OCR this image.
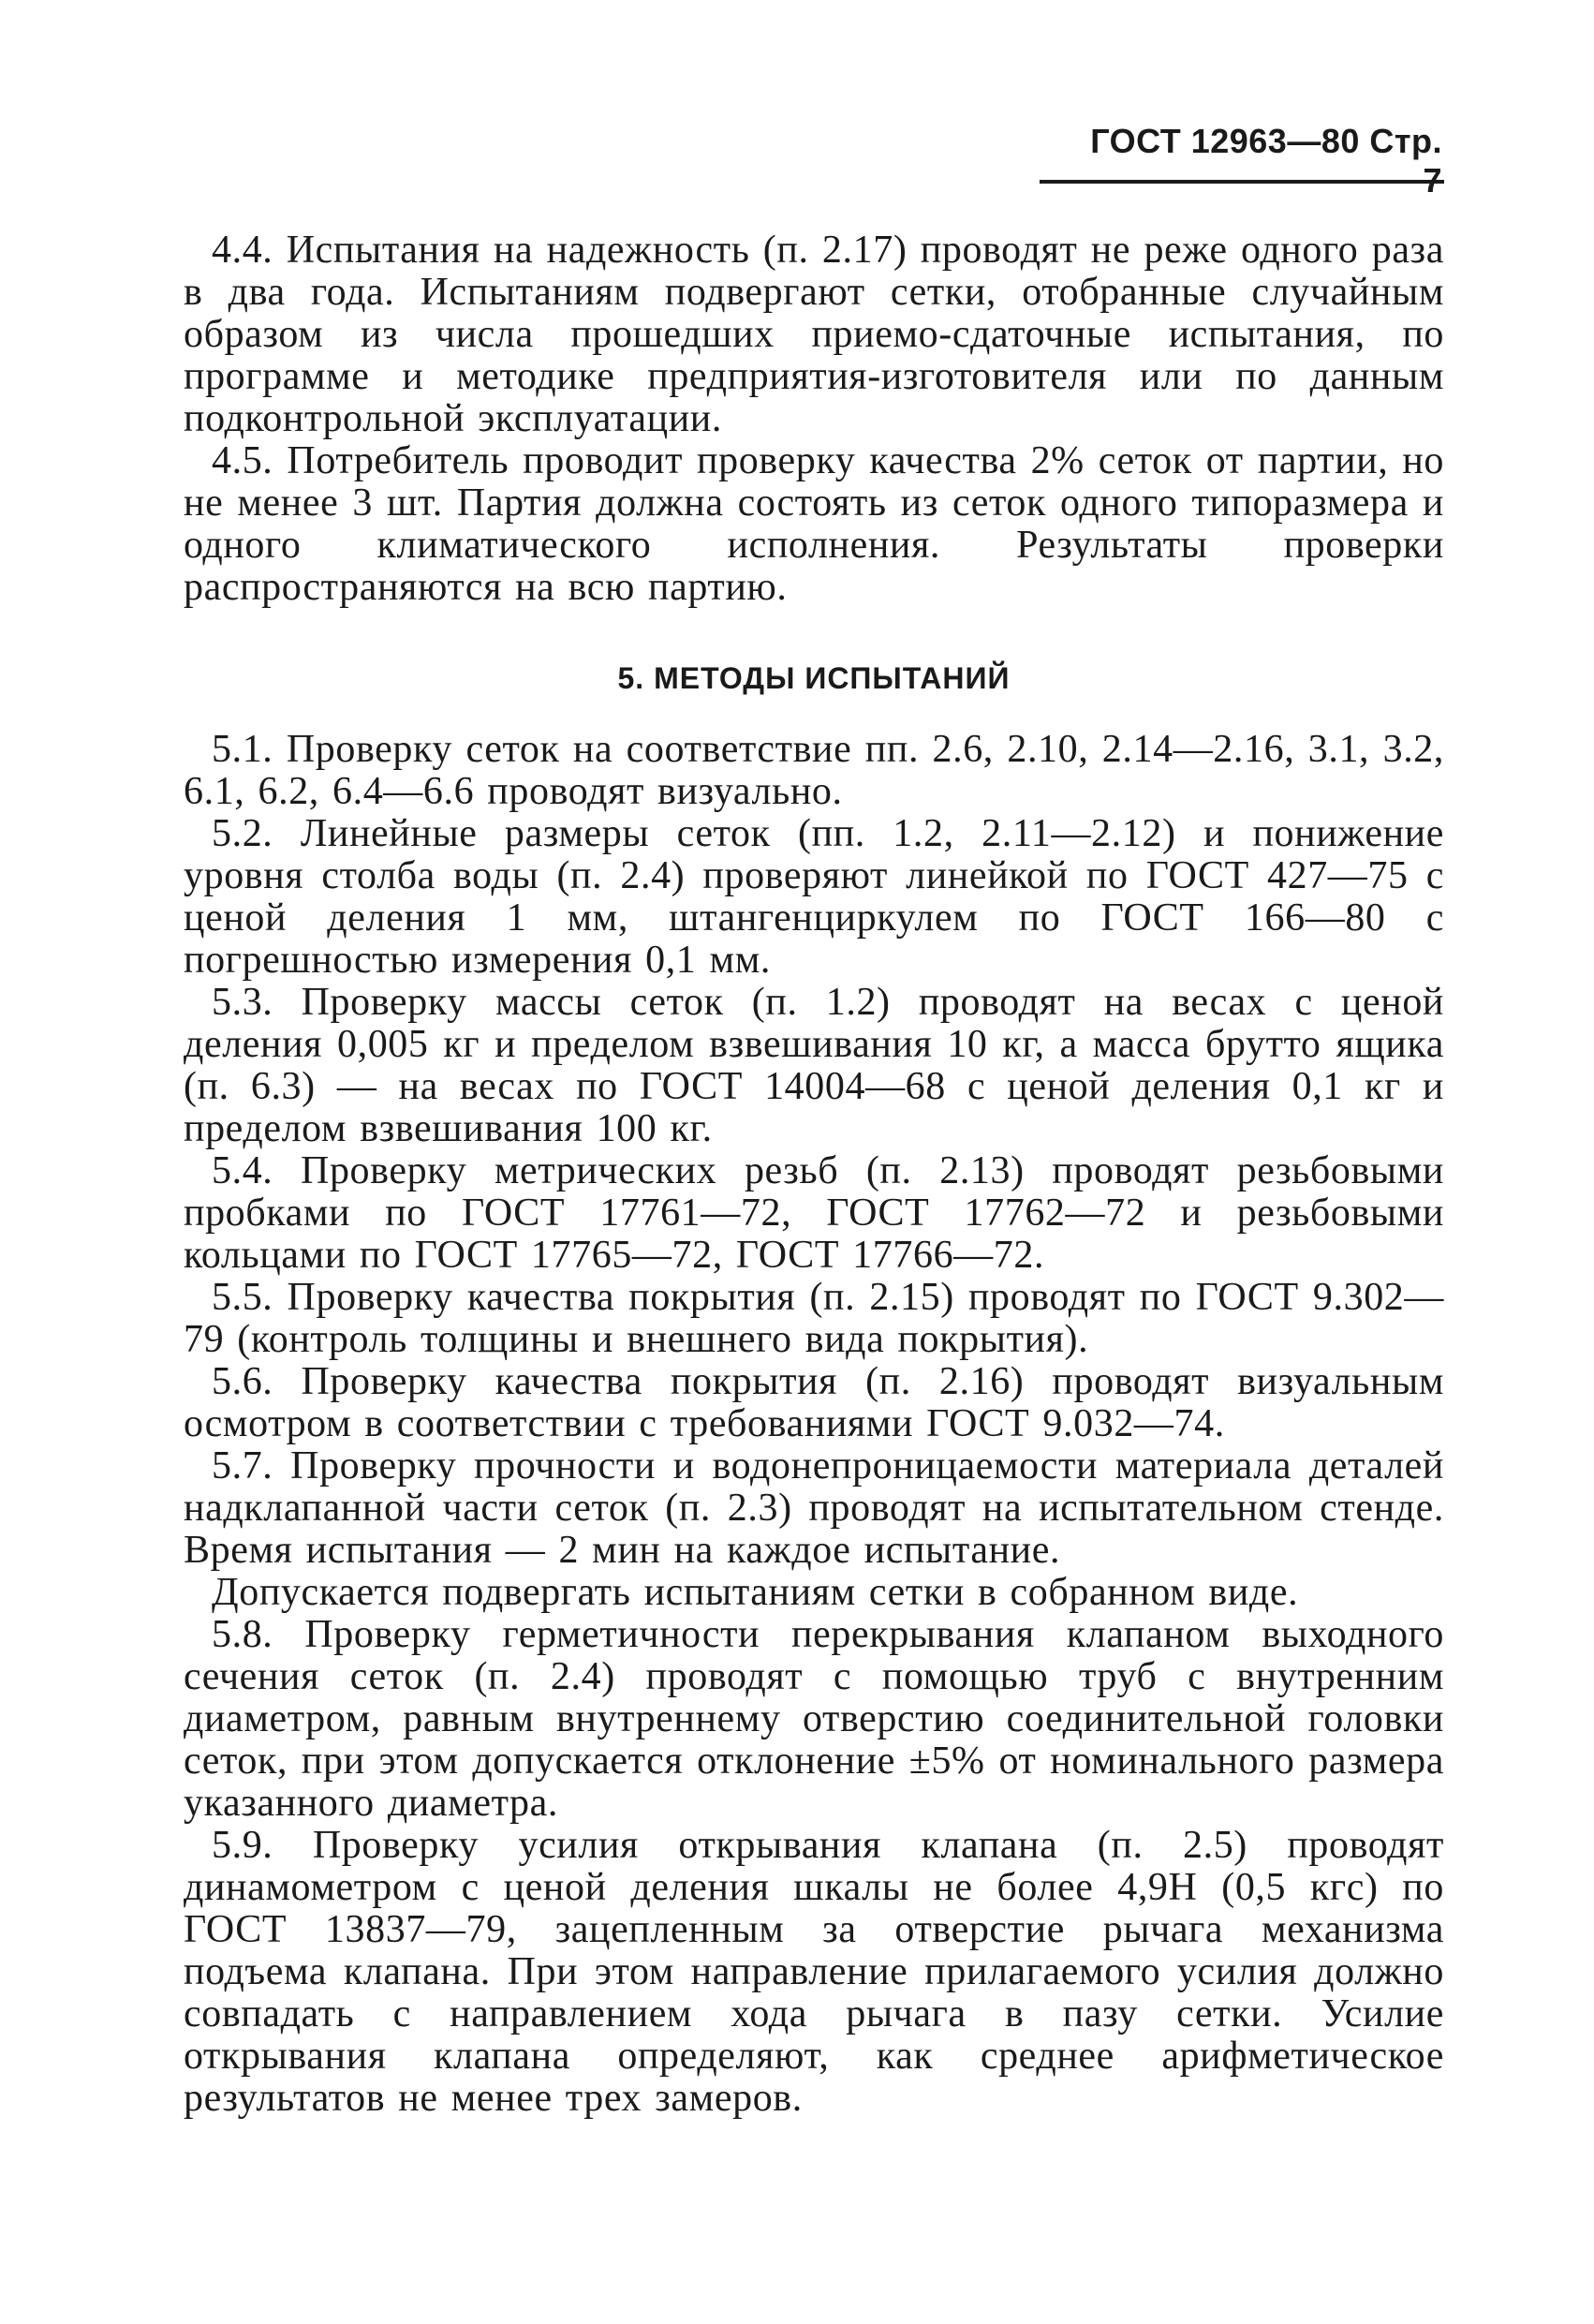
ГОСТ 12963—80 Стр.

4.4. Испытания на надежность (п. 2.17) проводят не реже одного раза в два года. Испытаниям подвергают сетки, отобранные случайным образом из числа прошедших приемо-сдаточные испытания, по программе и методике предприятия-изготовителя или по данным подконтрольной эксплуатации.

4.5. Потребитель проводит проверку качества 2% сеток от партии, но не менее 3 шт. Партия должна состоять из сеток одного типоразмера и одного климатического исполнения. Результаты проверки распространяются на всю партию.

5. МЕТОДЫ ИСПЫТАНИЙ

5.1. Проверку сеток на соответствие пп. 2.6, 2.10, 2.14—2.16, 3.1, 3.2, 6.1, 6.2, 6.4—6.6 проводят визуально.

5.2. Линейные размеры сеток (пп. 1.2, 2.11—2.12) и понижение уровня столба воды (п. 2.4) проверяют линейкой по ГОСТ 427—75 с ценой деления 1 мм, штангенциркулем по ГОСТ 166—80 с погрешностью измерения 0,1 мм.

5.3. Проверку массы сеток (п. 1.2) проводят на весах с ценой деления 0,005 кг и пределом взвешивания 10 кг, а масса брутто ящика (п. 6.3) — на весах по ГОСТ 14004—68 с ценой деления 0,1 кг и пределом взвешивания 100 кг.

5.4. Проверку метрических резьб (п. 2.13) проводят резьбовыми пробками по ГОСТ 17761—72, ГОСТ 17762—72 и резьбовыми кольцами по ГОСТ 17765—72, ГОСТ 17766—72.

5.5. Проверку качества покрытия (п. 2.15) проводят по ГОСТ 9.302—79 (контроль толщины и внешнего вида покрытия).

5.6. Проверку качества покрытия (п. 2.16) проводят визуальным осмотром в соответствии с требованиями ГОСТ 9.032—74.

5.7. Проверку прочности и водонепроницаемости материала деталей надклапанной части сеток (п. 2.3) проводят на испытательном стенде. Время испытания — 2 мин на каждое испытание.

Допускается подвергать испытаниям сетки в собранном виде.

5.8. Проверку герметичности перекрывания клапаном выходного сечения сеток (п. 2.4) проводят с помощью труб с внутренним диаметром, равным внутреннему отверстию соединительной головки сеток, при этом допускается отклонение ±5% от номинального размера указанного диаметра.

5.9. Проверку усилия открывания клапана (п. 2.5) проводят динамометром с ценой деления шкалы не более 4,9Н (0,5 кгс) по ГОСТ 13837—79, зацепленным за отверстие рычага механизма подъема клапана. При этом направление прилагаемого усилия должно совпадать с направлением хода рычага в пазу сетки. Усилие открывания клапана определяют, как среднее арифметическое результатов не менее трех замеров.
